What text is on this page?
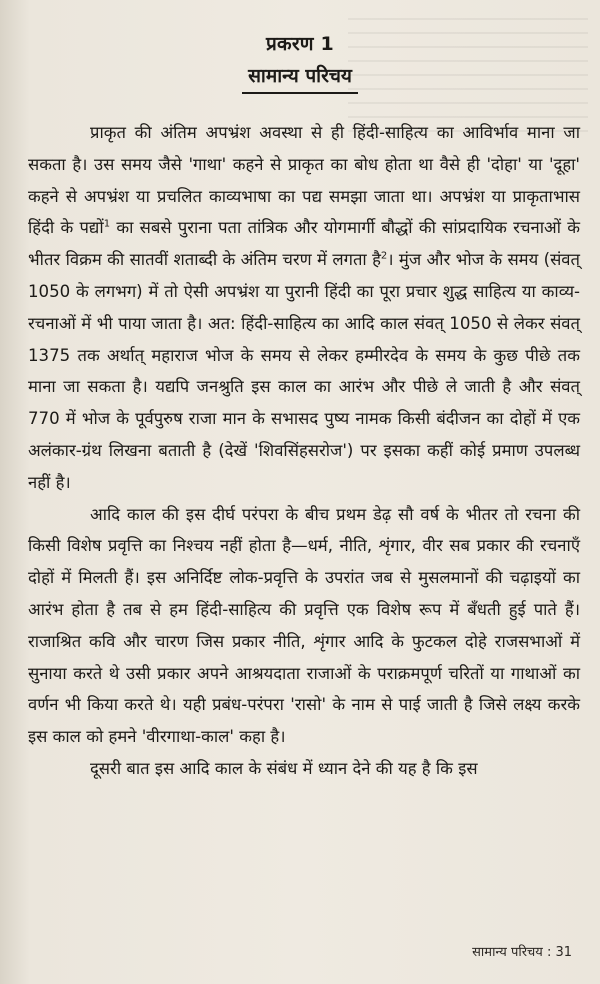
प्रकरण 1
सामान्य परिचय

प्राकृत की अंतिम अपभ्रंश अवस्था से ही हिंदी-साहित्य का आविर्भाव माना जा सकता है। उस समय जैसे 'गाथा' कहने से प्राकृत का बोध होता था वैसे ही 'दोहा' या 'दूहा' कहने से अपभ्रंश या प्रचलित काव्यभाषा का पद्य समझा जाता था। अपभ्रंश या प्राकृताभास हिंदी के पद्यों$^1$ का सबसे पुराना पता तांत्रिक और योगमार्गी बौद्धों की सांप्रदायिक रचनाओं के भीतर विक्रम की सातवीं शताब्दी के अंतिम चरण में लगता है$^2$। मुंज और भोज के समय (संवत् 1050 के लगभग) में तो ऐसी अपभ्रंश या पुरानी हिंदी का पूरा प्रचार शुद्ध साहित्य या काव्य-रचनाओं में भी पाया जाता है। अत: हिंदी-साहित्य का आदि काल संवत् 1050 से लेकर संवत् 1375 तक अर्थात् महाराज भोज के समय से लेकर हम्मीरदेव के समय के कुछ पीछे तक माना जा सकता है। यद्यपि जनश्रुति इस काल का आरंभ और पीछे ले जाती है और संवत् 770 में भोज के पूर्वपुरुष राजा मान के सभासद पुष्य नामक किसी बंदीजन का दोहों में एक अलंकार-ग्रंथ लिखना बताती है (देखें 'शिवसिंहसरोज') पर इसका कहीं कोई प्रमाण उपलब्ध नहीं है।

आदि काल की इस दीर्घ परंपरा के बीच प्रथम डेढ़ सौ वर्ष के भीतर तो रचना की किसी विशेष प्रवृत्ति का निश्चय नहीं होता है—धर्म, नीति, शृंगार, वीर सब प्रकार की रचनाएँ दोहों में मिलती हैं। इस अनिर्दिष्ट लोक-प्रवृत्ति के उपरांत जब से मुसलमानों की चढ़ाइयों का आरंभ होता है तब से हम हिंदी-साहित्य की प्रवृत्ति एक विशेष रूप में बँधती हुई पाते हैं। राजाश्रित कवि और चारण जिस प्रकार नीति, शृंगार आदि के फुटकल दोहे राजसभाओं में सुनाया करते थे उसी प्रकार अपने आश्रयदाता राजाओं के पराक्रमपूर्ण चरितों या गाथाओं का वर्णन भी किया करते थे। यही प्रबंध-परंपरा 'रासो' के नाम से पाई जाती है जिसे लक्ष्य करके इस काल को हमने 'वीरगाथा-काल' कहा है।

दूसरी बात इस आदि काल के संबंध में ध्यान देने की यह है कि इस

सामान्य परिचय : 31
